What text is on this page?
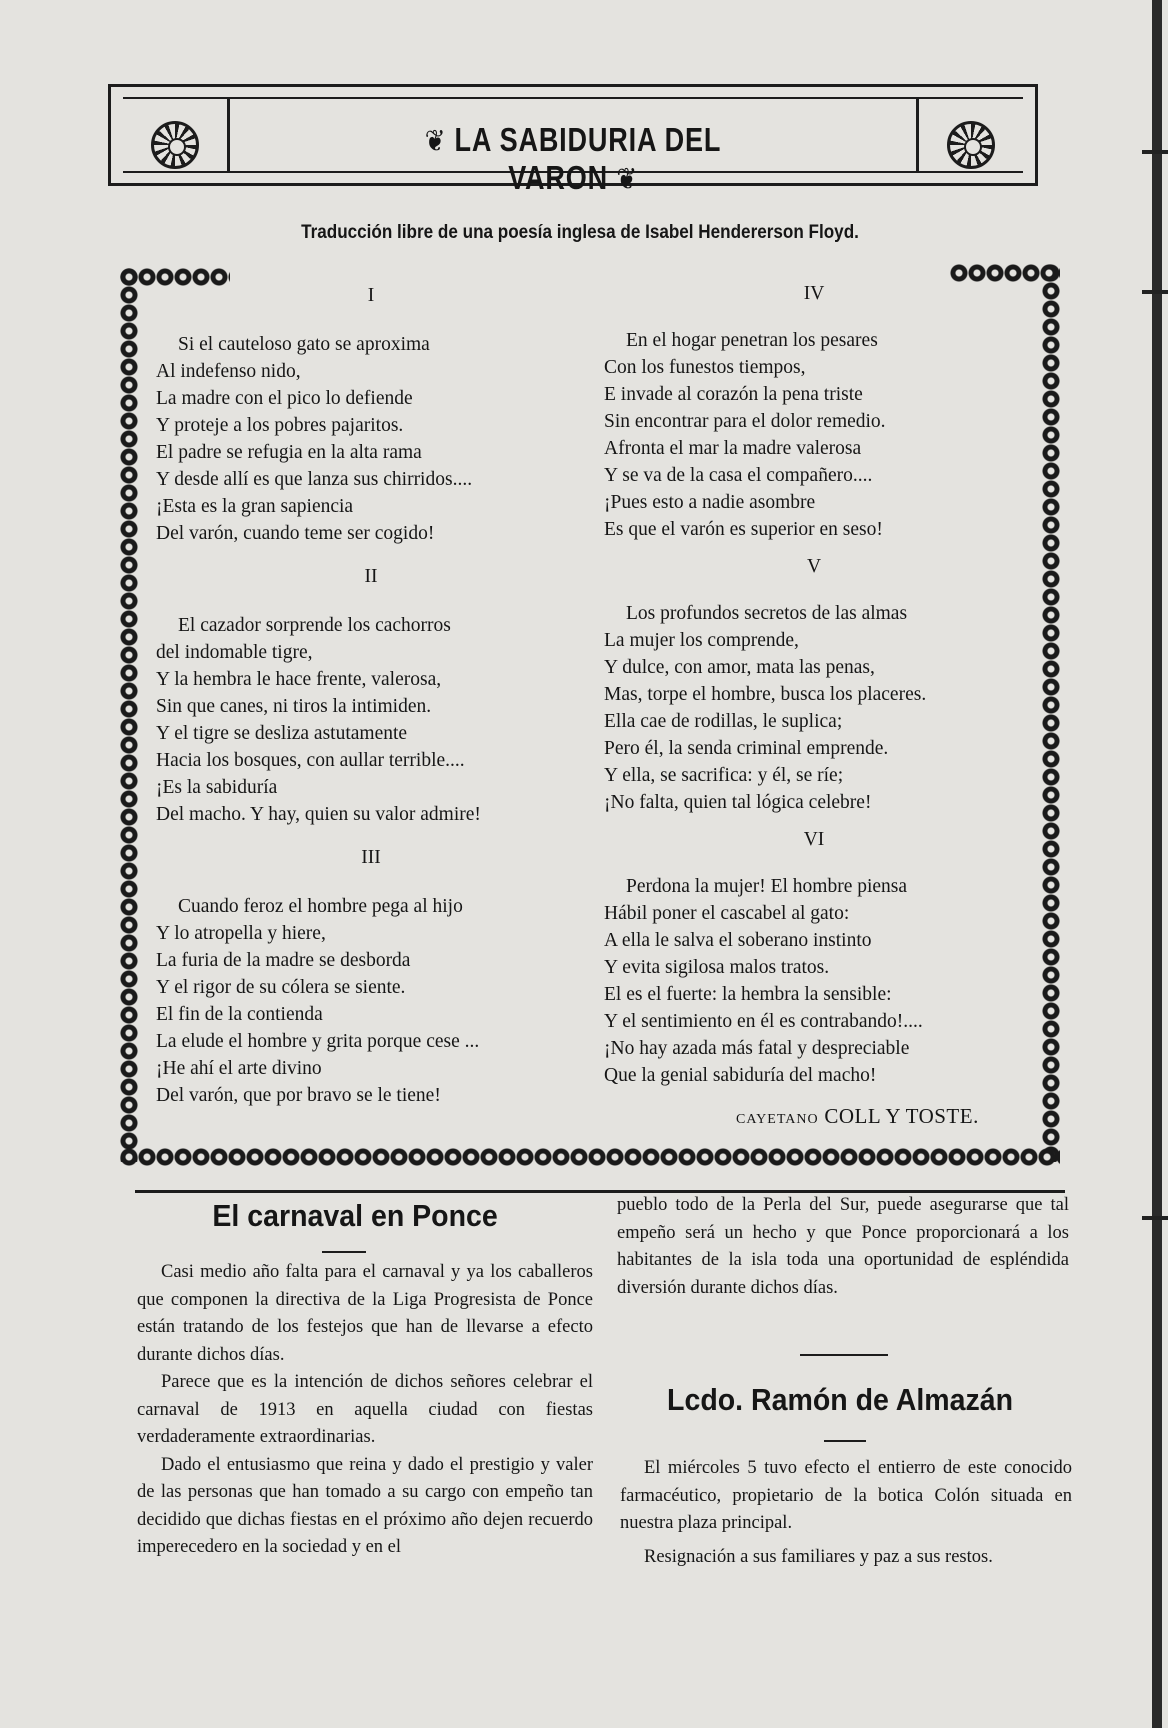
❦ LA SABIDURIA DEL VARON ❦
Traducción libre de una poesía inglesa de Isabel Hendererson Floyd.
I
Si el cauteloso gato se aproxima
Al indefenso nido,
La madre con el pico lo defiende
Y proteje a los pobres pajaritos.
El padre se refugia en la alta rama
Y desde allí es que lanza sus chirridos....
¡Esta es la gran sapiencia
Del varón, cuando teme ser cogido!
II
El cazador sorprende los cachorros
del indomable tigre,
Y la hembra le hace frente, valerosa,
Sin que canes, ni tiros la intimiden.
Y el tigre se desliza astutamente
Hacia los bosques, con aullar terrible....
¡Es la sabiduría
Del macho. Y hay, quien su valor admire!
III
Cuando feroz el hombre pega al hijo
Y lo atropella y hiere,
La furia de la madre se desborda
Y el rigor de su cólera se siente.
El fin de la contienda
La elude el hombre y grita porque cese ...
¡He ahí el arte divino
Del varón, que por bravo se le tiene!
IV
En el hogar penetran los pesares
Con los funestos tiempos,
E invade al corazón la pena triste
Sin encontrar para el dolor remedio.
Afronta el mar la madre valerosa
Y se va de la casa el compañero....
¡Pues esto a nadie asombre
Es que el varón es superior en seso!
V
Los profundos secretos de las almas
La mujer los comprende,
Y dulce, con amor, mata las penas,
Mas, torpe el hombre, busca los placeres.
Ella cae de rodillas, le suplica;
Pero él, la senda criminal emprende.
Y ella, se sacrifica: y él, se ríe;
¡No falta, quien tal lógica celebre!
VI
Perdona la mujer! El hombre piensa
Hábil poner el cascabel al gato:
A ella le salva el soberano instinto
Y evita sigilosa malos tratos.
El es el fuerte: la hembra la sensible:
Y el sentimiento en él es contrabando!....
¡No hay azada más fatal y despreciable
Que la genial sabiduría del macho!
CAYETANO COLL Y TOSTE.
El carnaval en Ponce

Casi medio año falta para el carnaval y ya los caballeros que componen la directiva de la Liga Progresista de Ponce están tratando de los festejos que han de llevarse a efecto durante dichos días.

Parece que es la intención de dichos señores celebrar el carnaval de 1913 en aquella ciudad con fiestas verdaderamente extraordinarias.

Dado el entusiasmo que reina y dado el prestigio y valer de las personas que han tomado a su cargo con empeño tan decidido que dichas fiestas en el próximo año dejen recuerdo imperecedero en la sociedad y en el

pueblo todo de la Perla del Sur, puede asegurarse que tal empeño será un hecho y que Ponce proporcionará a los habitantes de la isla toda una oportunidad de espléndida diversión durante dichos días.

Lcdo. Ramón de Almazán

El miércoles 5 tuvo efecto el entierro de este conocido farmacéutico, propietario de la botica Colón situada en nuestra plaza principal.

Resignación a sus familiares y paz a sus restos.
